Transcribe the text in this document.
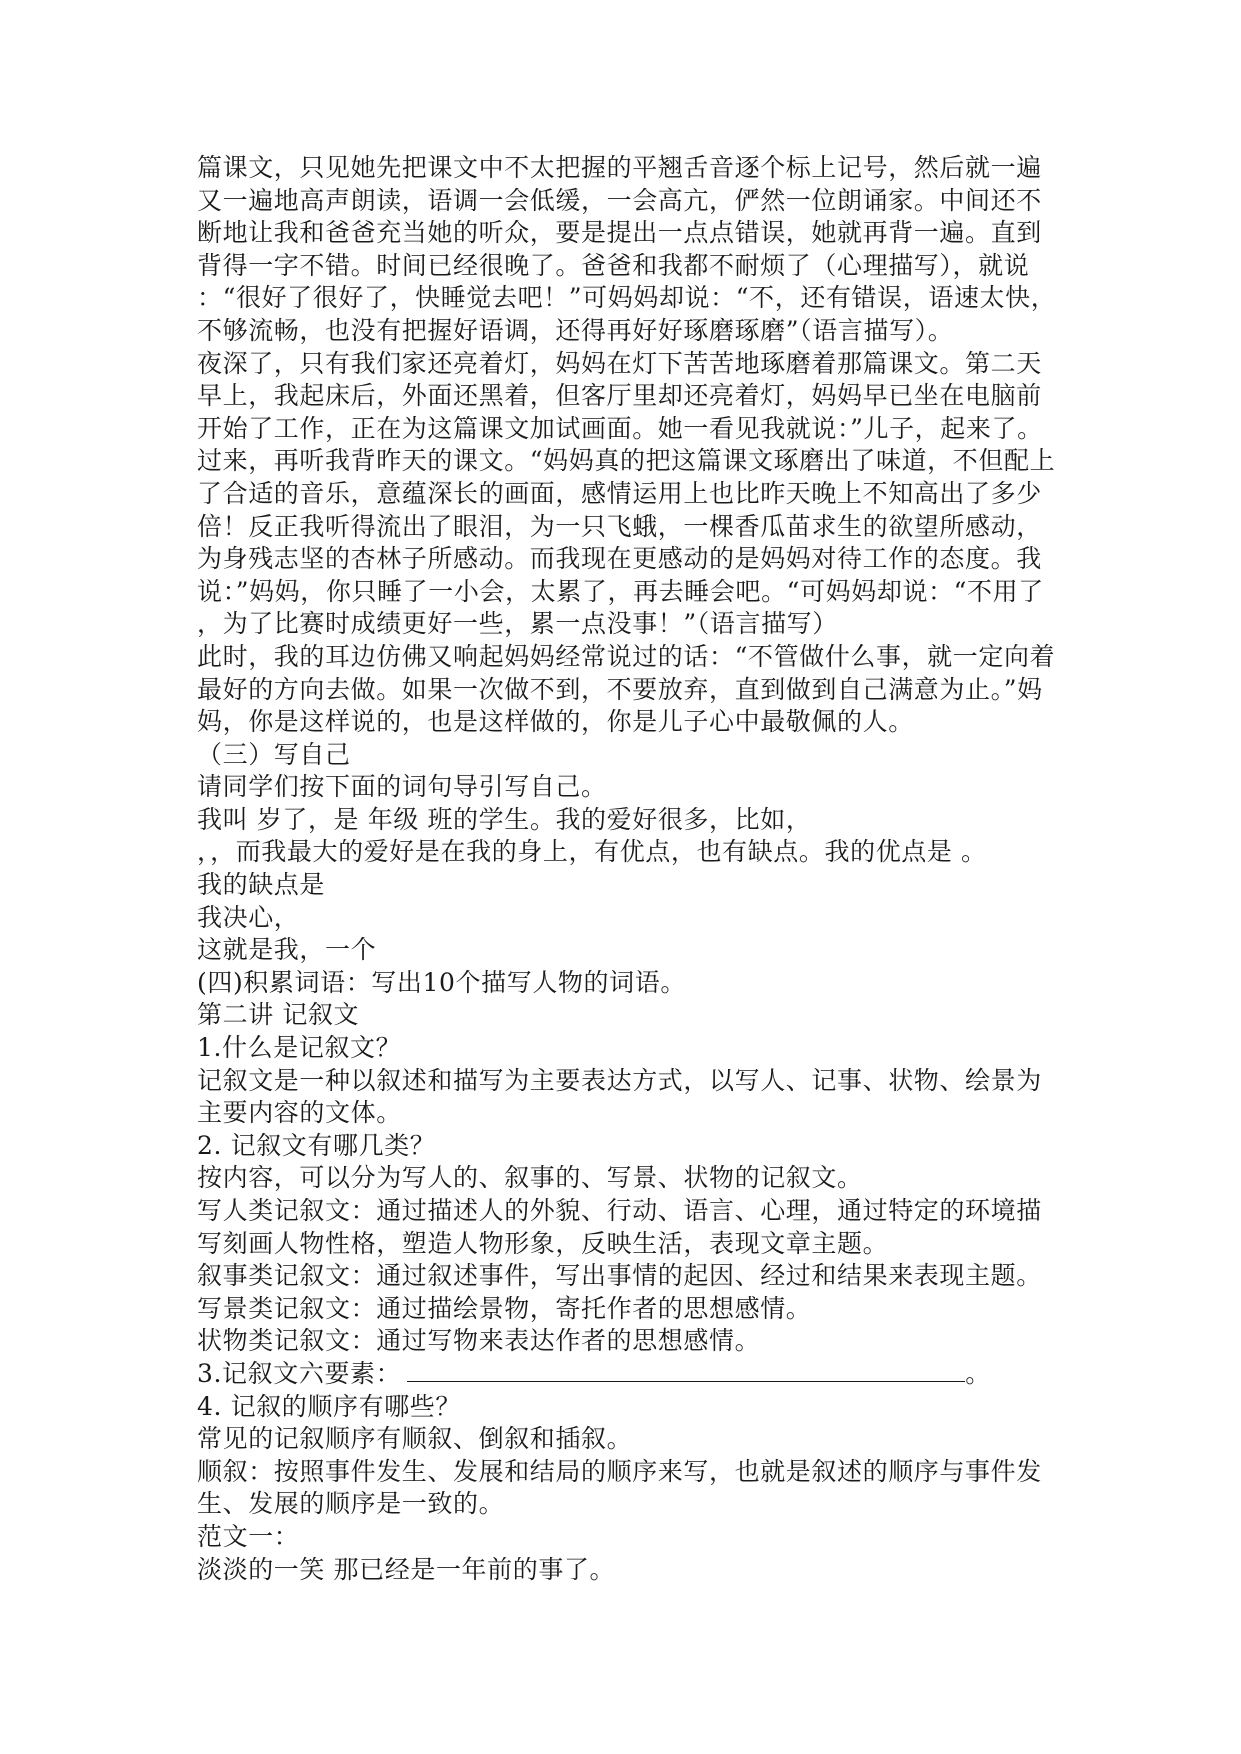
篇课文，只见她先把课文中不太把握的平翘舌音逐个标上记号，然后就一遍
又一遍地高声朗读，语调一会低缓，一会高亢，俨然一位朗诵家。中间还不
断地让我和爸爸充当她的听众，要是提出一点点错误，她就再背一遍。直到
背得一字不错。时间已经很晚了。爸爸和我都不耐烦了（心理描写），就说
：“很好了很好了，快睡觉去吧！”可妈妈却说：“不，还有错误，语速太快，
不够流畅，也没有把握好语调，还得再好好琢磨琢磨”（语言描写）。
夜深了，只有我们家还亮着灯，妈妈在灯下苦苦地琢磨着那篇课文。第二天
早上，我起床后，外面还黑着，但客厅里却还亮着灯，妈妈早已坐在电脑前
开始了工作，正在为这篇课文加试画面。她一看见我就说：”儿子，起来了。
过来，再听我背昨天的课文。“妈妈真的把这篇课文琢磨出了味道，不但配上
了合适的音乐，意蕴深长的画面，感情运用上也比昨天晚上不知高出了多少
倍！反正我听得流出了眼泪，为一只飞蛾，一棵香瓜苗求生的欲望所感动，
为身残志坚的杏林子所感动。而我现在更感动的是妈妈对待工作的态度。我
说：”妈妈，你只睡了一小会，太累了，再去睡会吧。“可妈妈却说：“不用了
，为了比赛时成绩更好一些，累一点没事！”（语言描写）
此时，我的耳边仿佛又响起妈妈经常说过的话：“不管做什么事，就一定向着
最好的方向去做。如果一次做不到，不要放弃，直到做到自己满意为止。”妈
妈，你是这样说的，也是这样做的，你是儿子心中最敬佩的人。
（三）写自己
请同学们按下面的词句导引写自己。
我叫 岁了，是 年级 班的学生。我的爱好很多，比如，
，，而我最大的爱好是在我的身上，有优点，也有缺点。我的优点是 。
我的缺点是
我决心，
这就是我，一个
(四)积累词语：写出10个描写人物的词语。
第二讲 记叙文
1.什么是记叙文？
记叙文是一种以叙述和描写为主要表达方式，以写人、记事、状物、绘景为
主要内容的文体。
2. 记叙文有哪几类？
按内容，可以分为写人的、叙事的、写景、状物的记叙文。
写人类记叙文：通过描述人的外貌、行动、语言、心理，通过特定的环境描
写刻画人物性格，塑造人物形象，反映生活，表现文章主题。
叙事类记叙文：通过叙述事件，写出事情的起因、经过和结果来表现主题。
写景类记叙文：通过描绘景物，寄托作者的思想感情。
状物类记叙文：通过写物来表达作者的思想感情。
3.记叙文六要素：	。
4. 记叙的顺序有哪些？
常见的记叙顺序有顺叙、倒叙和插叙。
顺叙：按照事件发生、发展和结局的顺序来写，也就是叙述的顺序与事件发
生、发展的顺序是一致的。
范文一：
淡淡的一笑 那已经是一年前的事了。
